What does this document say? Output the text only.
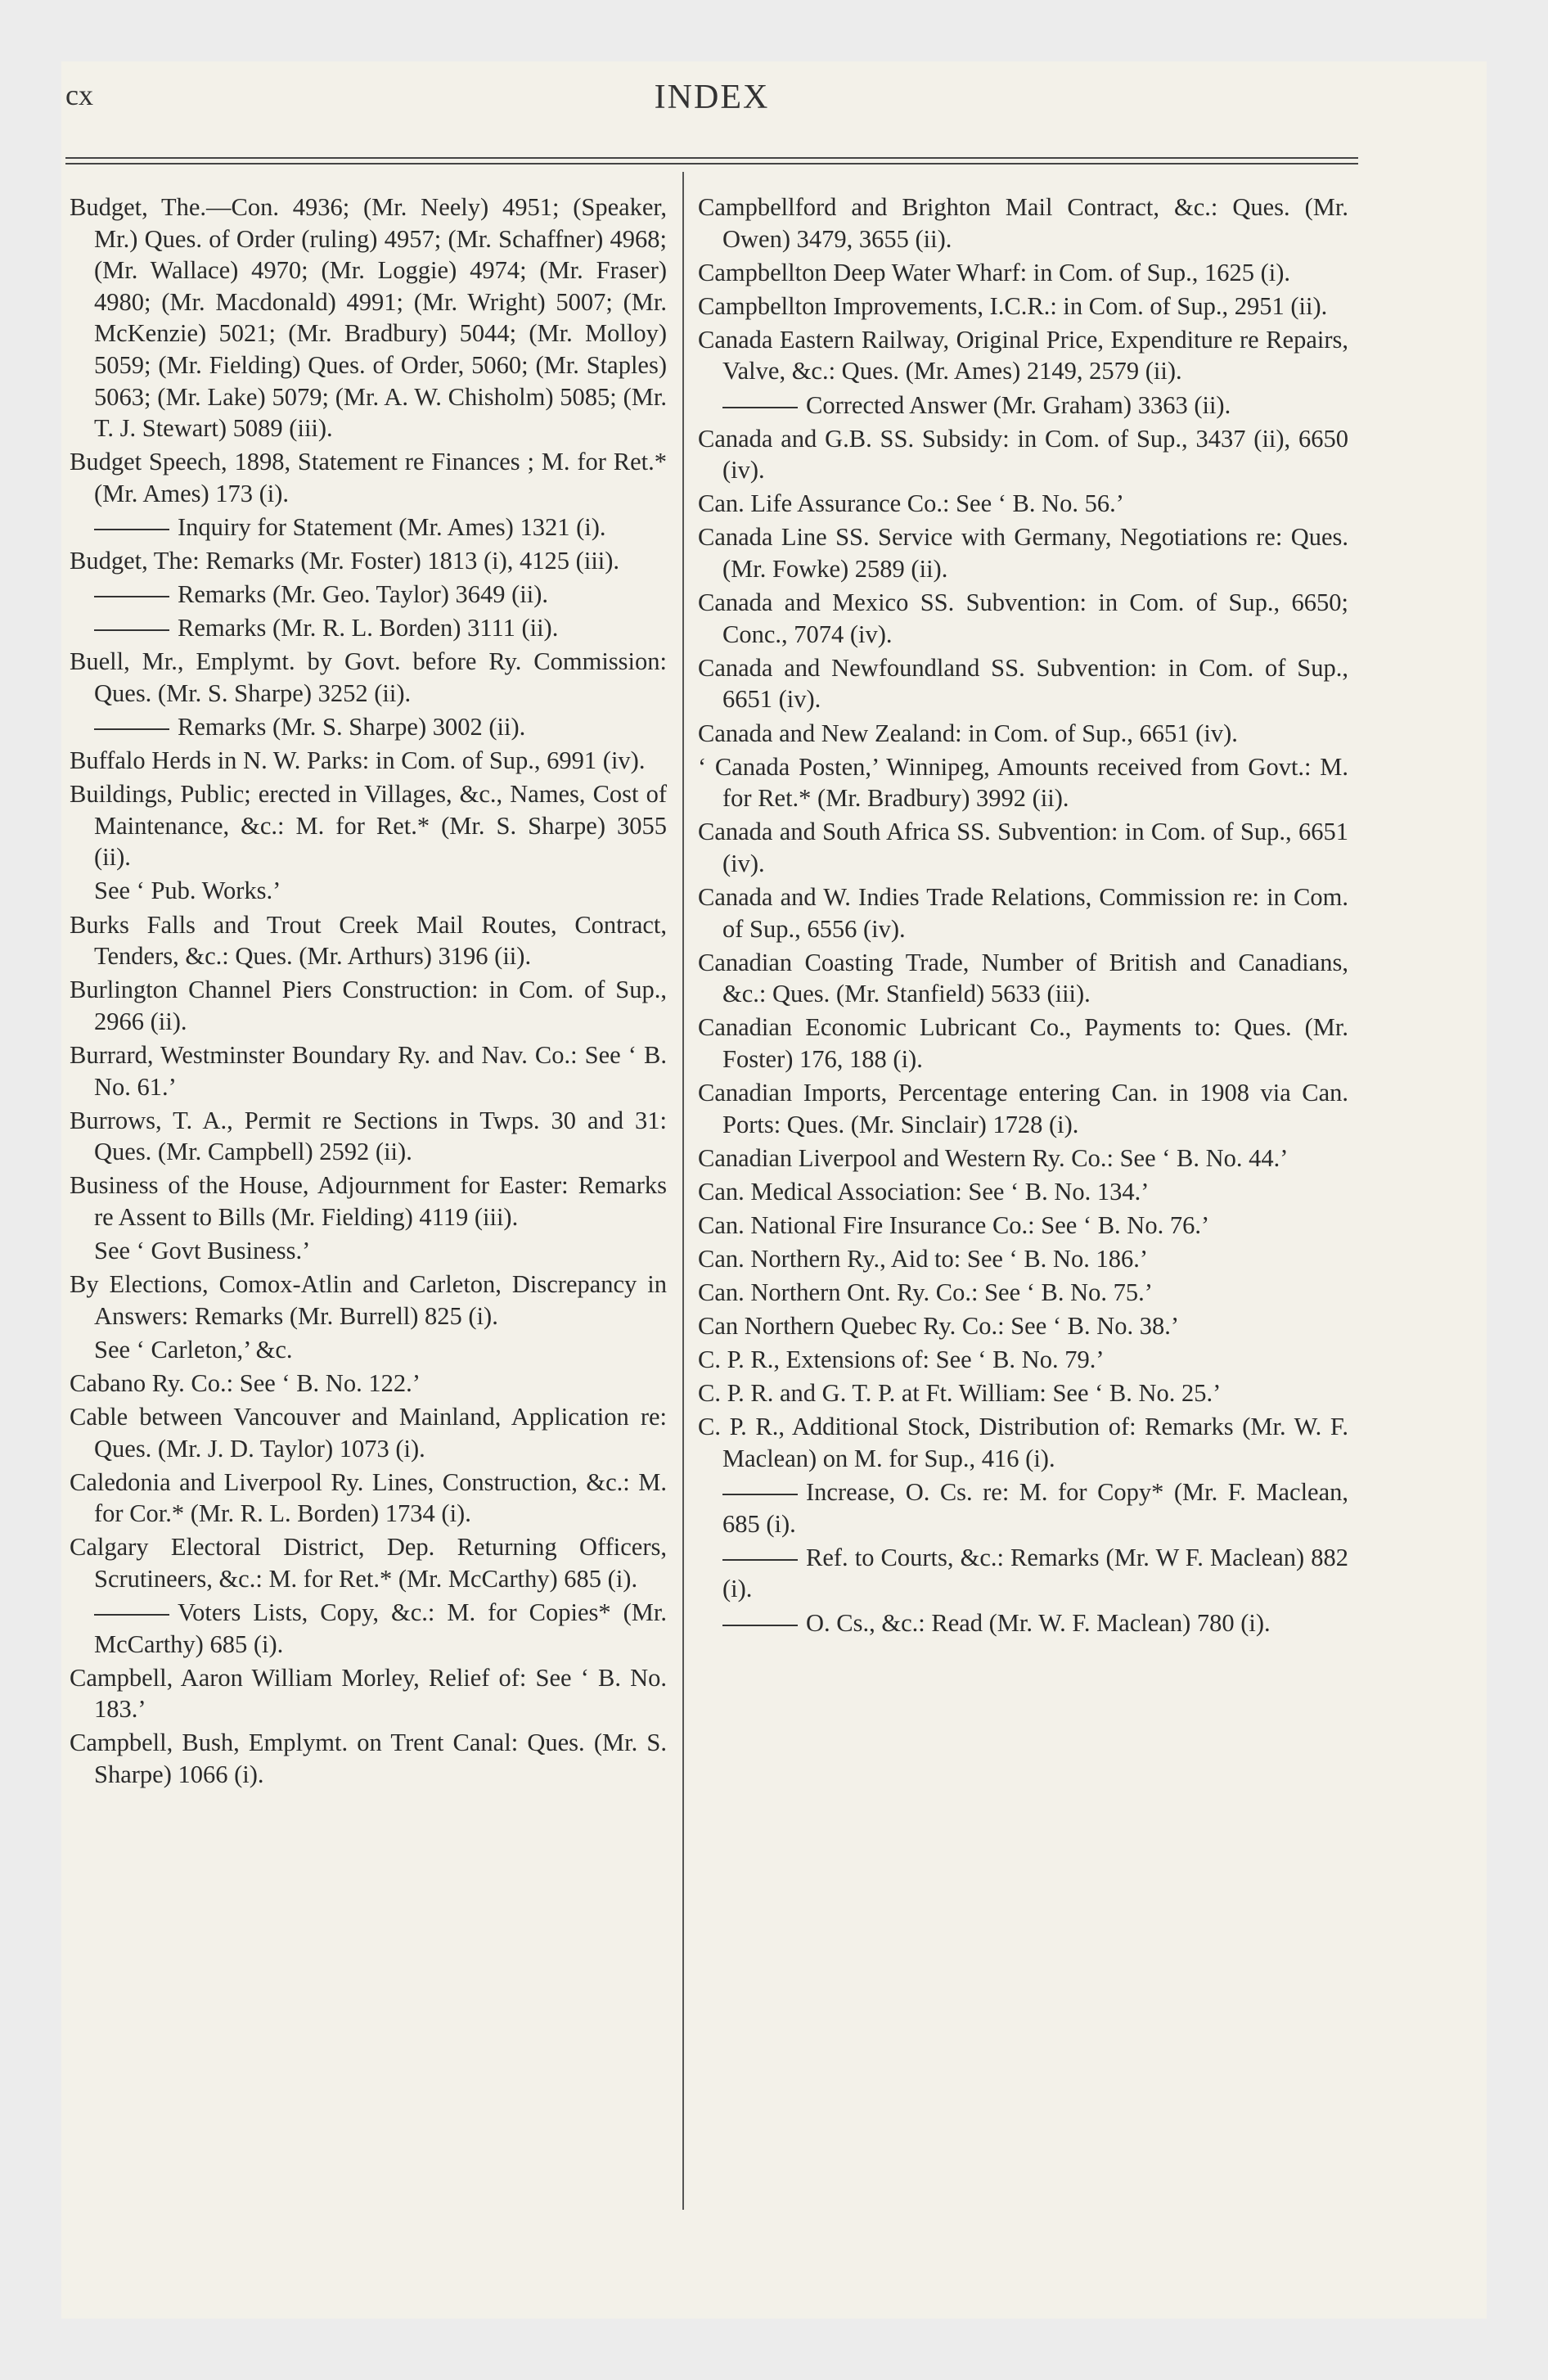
cx	INDEX
Budget, The.—Con. 4936; (Mr. Neely) 4951; (Speaker, Mr.) Ques. of Order (ruling) 4957; (Mr. Schaffner) 4968; (Mr. Wallace) 4970; (Mr. Loggie) 4974; (Mr. Fraser) 4980; (Mr. Macdonald) 4991; (Mr. Wright) 5007; (Mr. McKenzie) 5021; (Mr. Bradbury) 5044; (Mr. Molloy) 5059; (Mr. Fielding) Ques. of Order, 5060; (Mr. Staples) 5063; (Mr. Lake) 5079; (Mr. A. W. Chisholm) 5085; (Mr. T. J. Stewart) 5089 (iii).
Budget Speech, 1898, Statement re Finances ; M. for Ret.* (Mr. Ames) 173 (i).
Inquiry for Statement (Mr. Ames) 1321 (i).
Budget, The: Remarks (Mr. Foster) 1813 (i), 4125 (iii).
Remarks (Mr. Geo. Taylor) 3649 (ii).
Remarks (Mr. R. L. Borden) 3111 (ii).
Buell, Mr., Emplymt. by Govt. before Ry. Commission: Ques. (Mr. S. Sharpe) 3252 (ii).
Remarks (Mr. S. Sharpe) 3002 (ii).
Buffalo Herds in N. W. Parks: in Com. of Sup., 6991 (iv).
Buildings, Public; erected in Villages, &c., Names, Cost of Maintenance, &c.: M. for Ret.* (Mr. S. Sharpe) 3055 (ii).
See ‘ Pub. Works.’
Burks Falls and Trout Creek Mail Routes, Contract, Tenders, &c.: Ques. (Mr. Arthurs) 3196 (ii).
Burlington Channel Piers Construction: in Com. of Sup., 2966 (ii).
Burrard, Westminster Boundary Ry. and Nav. Co.: See ‘ B. No. 61.’
Burrows, T. A., Permit re Sections in Twps. 30 and 31: Ques. (Mr. Campbell) 2592 (ii).
Business of the House, Adjournment for Easter: Remarks re Assent to Bills (Mr. Fielding) 4119 (iii).
See ‘ Govt Business.’
By Elections, Comox-Atlin and Carleton, Discrepancy in Answers: Remarks (Mr. Burrell) 825 (i).
See ‘ Carleton,’ &c.
Cabano Ry. Co.: See ‘ B. No. 122.’
Cable between Vancouver and Mainland, Application re: Ques. (Mr. J. D. Taylor) 1073 (i).
Caledonia and Liverpool Ry. Lines, Construction, &c.: M. for Cor.* (Mr. R. L. Borden) 1734 (i).
Calgary Electoral District, Dep. Returning Officers, Scrutineers, &c.: M. for Ret.* (Mr. McCarthy) 685 (i).
Voters Lists, Copy, &c.: M. for Copies* (Mr. McCarthy) 685 (i).
Campbell, Aaron William Morley, Relief of: See ‘ B. No. 183.’
Campbell, Bush, Emplymt. on Trent Canal: Ques. (Mr. S. Sharpe) 1066 (i).
Campbellford and Brighton Mail Contract, &c.: Ques. (Mr. Owen) 3479, 3655 (ii).
Campbellton Deep Water Wharf: in Com. of Sup., 1625 (i).
Campbellton Improvements, I.C.R.: in Com. of Sup., 2951 (ii).
Canada Eastern Railway, Original Price, Expenditure re Repairs, Valve, &c.: Ques. (Mr. Ames) 2149, 2579 (ii).
Corrected Answer (Mr. Graham) 3363 (ii).
Canada and G.B. SS. Subsidy: in Com. of Sup., 3437 (ii), 6650 (iv).
Can. Life Assurance Co.: See ‘ B. No. 56.’
Canada Line SS. Service with Germany, Negotiations re: Ques. (Mr. Fowke) 2589 (ii).
Canada and Mexico SS. Subvention: in Com. of Sup., 6650; Conc., 7074 (iv).
Canada and Newfoundland SS. Subvention: in Com. of Sup., 6651 (iv).
Canada and New Zealand: in Com. of Sup., 6651 (iv).
‘ Canada Posten,’ Winnipeg, Amounts received from Govt.: M. for Ret.* (Mr. Bradbury) 3992 (ii).
Canada and South Africa SS. Subvention: in Com. of Sup., 6651 (iv).
Canada and W. Indies Trade Relations, Commission re: in Com. of Sup., 6556 (iv).
Canadian Coasting Trade, Number of British and Canadians, &c.: Ques. (Mr. Stanfield) 5633 (iii).
Canadian Economic Lubricant Co., Payments to: Ques. (Mr. Foster) 176, 188 (i).
Canadian Imports, Percentage entering Can. in 1908 via Can. Ports: Ques. (Mr. Sinclair) 1728 (i).
Canadian Liverpool and Western Ry. Co.: See ‘ B. No. 44.’
Can. Medical Association: See ‘ B. No. 134.’
Can. National Fire Insurance Co.: See ‘ B. No. 76.’
Can. Northern Ry., Aid to: See ‘ B. No. 186.’
Can. Northern Ont. Ry. Co.: See ‘ B. No. 75.’
Can Northern Quebec Ry. Co.: See ‘ B. No. 38.’
C. P. R., Extensions of: See ‘ B. No. 79.’
C. P. R. and G. T. P. at Ft. William: See ‘ B. No. 25.’
C. P. R., Additional Stock, Distribution of: Remarks (Mr. W. F. Maclean) on M. for Sup., 416 (i).
Increase, O. Cs. re: M. for Copy* (Mr. F. Maclean, 685 (i).
Ref. to Courts, &c.: Remarks (Mr. W F. Maclean) 882 (i).
O. Cs., &c.: Read (Mr. W. F. Maclean) 780 (i).
